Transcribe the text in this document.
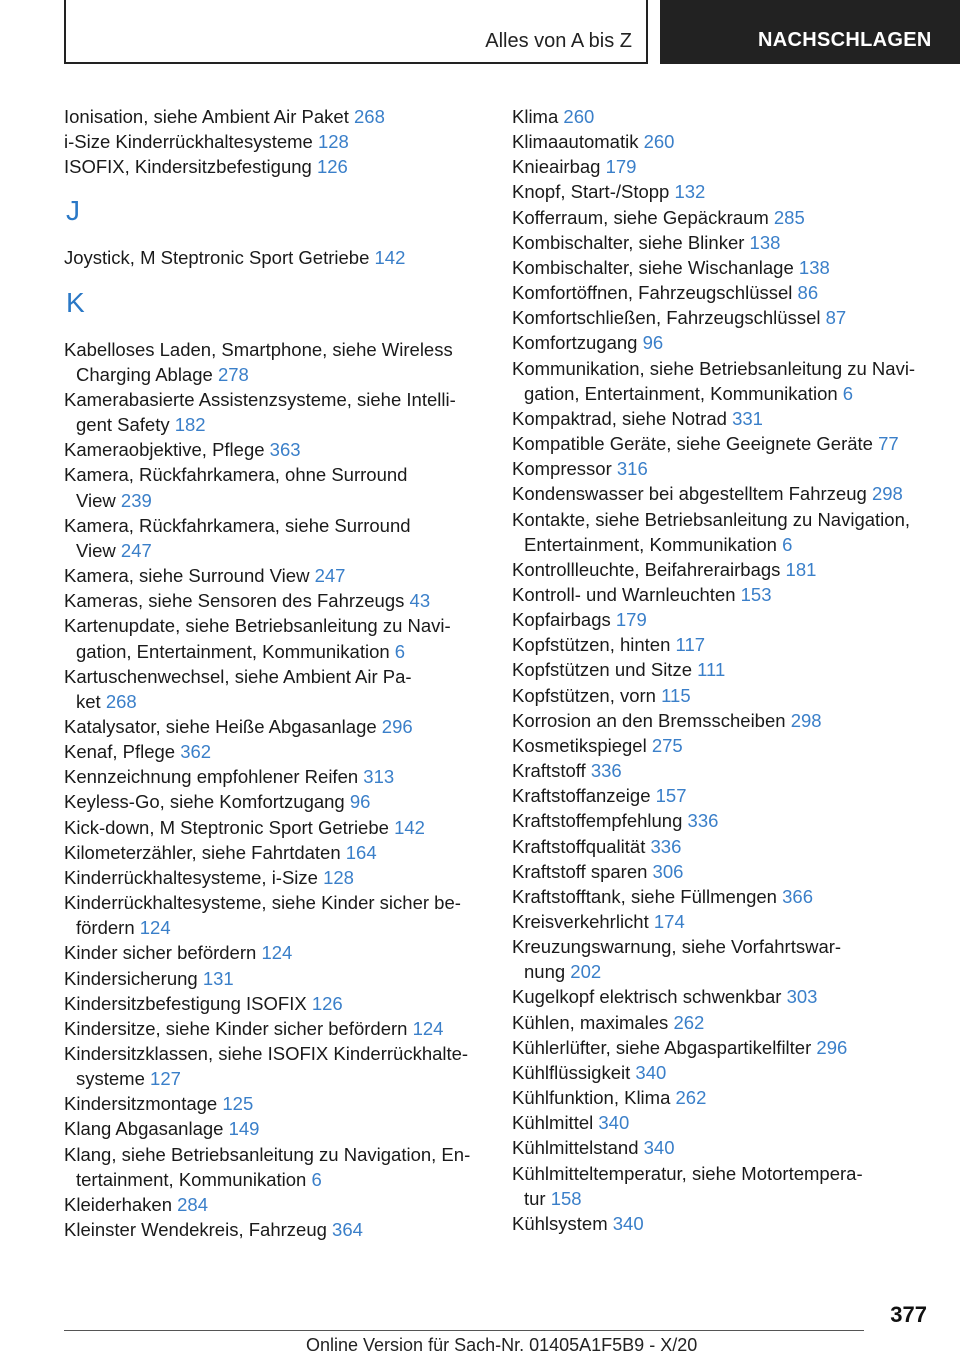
Alles von A bis Z	NACHSCHLAGEN
Ionisation, siehe Ambient Air Paket 268
i-Size Kinderrückhaltesysteme 128
ISOFIX, Kindersitzbefestigung 126
J
Joystick, M Steptronic Sport Getriebe 142
K
Kabelloses Laden, Smartphone, siehe Wireless
Charging Ablage 278
Kamerabasierte Assistenzsysteme, siehe Intelli-
gent Safety 182
Kameraobjektive, Pflege 363
Kamera, Rückfahrkamera, ohne Surround
View 239
Kamera, Rückfahrkamera, siehe Surround
View 247
Kamera, siehe Surround View 247
Kameras, siehe Sensoren des Fahrzeugs 43
Kartenupdate, siehe Betriebsanleitung zu Navi-
gation, Entertainment, Kommunikation 6
Kartuschenwechsel, siehe Ambient Air Pa-
ket 268
Katalysator, siehe Heiße Abgasanlage 296
Kenaf, Pflege 362
Kennzeichnung empfohlener Reifen 313
Keyless-Go, siehe Komfortzugang 96
Kick-down, M Steptronic Sport Getriebe 142
Kilometerzähler, siehe Fahrtdaten 164
Kinderrückhaltesysteme, i-Size 128
Kinderrückhaltesysteme, siehe Kinder sicher be-
fördern 124
Kinder sicher befördern 124
Kindersicherung 131
Kindersitzbefestigung ISOFIX 126
Kindersitze, siehe Kinder sicher befördern 124
Kindersitzklassen, siehe ISOFIX Kinderrückhalte-
systeme 127
Kindersitzmontage 125
Klang Abgasanlage 149
Klang, siehe Betriebsanleitung zu Navigation, En-
tertainment, Kommunikation 6
Kleiderhaken 284
Kleinster Wendekreis, Fahrzeug 364
Klima 260
Klimaautomatik 260
Knieairbag 179
Knopf, Start-/Stopp 132
Kofferraum, siehe Gepäckraum 285
Kombischalter, siehe Blinker 138
Kombischalter, siehe Wischanlage 138
Komfortöffnen, Fahrzeugschlüssel 86
Komfortschließen, Fahrzeugschlüssel 87
Komfortzugang 96
Kommunikation, siehe Betriebsanleitung zu Navi-
gation, Entertainment, Kommunikation 6
Kompaktrad, siehe Notrad 331
Kompatible Geräte, siehe Geeignete Geräte 77
Kompressor 316
Kondenswasser bei abgestelltem Fahrzeug 298
Kontakte, siehe Betriebsanleitung zu Navigation,
Entertainment, Kommunikation 6
Kontrollleuchte, Beifahrerairbags 181
Kontroll- und Warnleuchten 153
Kopfairbags 179
Kopfstützen, hinten 117
Kopfstützen und Sitze 111
Kopfstützen, vorn 115
Korrosion an den Bremsscheiben 298
Kosmetikspiegel 275
Kraftstoff 336
Kraftstoffanzeige 157
Kraftstoffempfehlung 336
Kraftstoffqualität 336
Kraftstoff sparen 306
Kraftstofftank, siehe Füllmengen 366
Kreisverkehrlicht 174
Kreuzungswarnung, siehe Vorfahrtswar-
nung 202
Kugelkopf elektrisch schwenkbar 303
Kühlen, maximales 262
Kühlerlüfter, siehe Abgaspartikelfilter 296
Kühlflüssigkeit 340
Kühlfunktion, Klima 262
Kühlmittel 340
Kühlmittelstand 340
Kühlmitteltemperatur, siehe Motortempera-
tur 158
Kühlsystem 340
377
Online Version für Sach-Nr. 01405A1F5B9 - X/20
